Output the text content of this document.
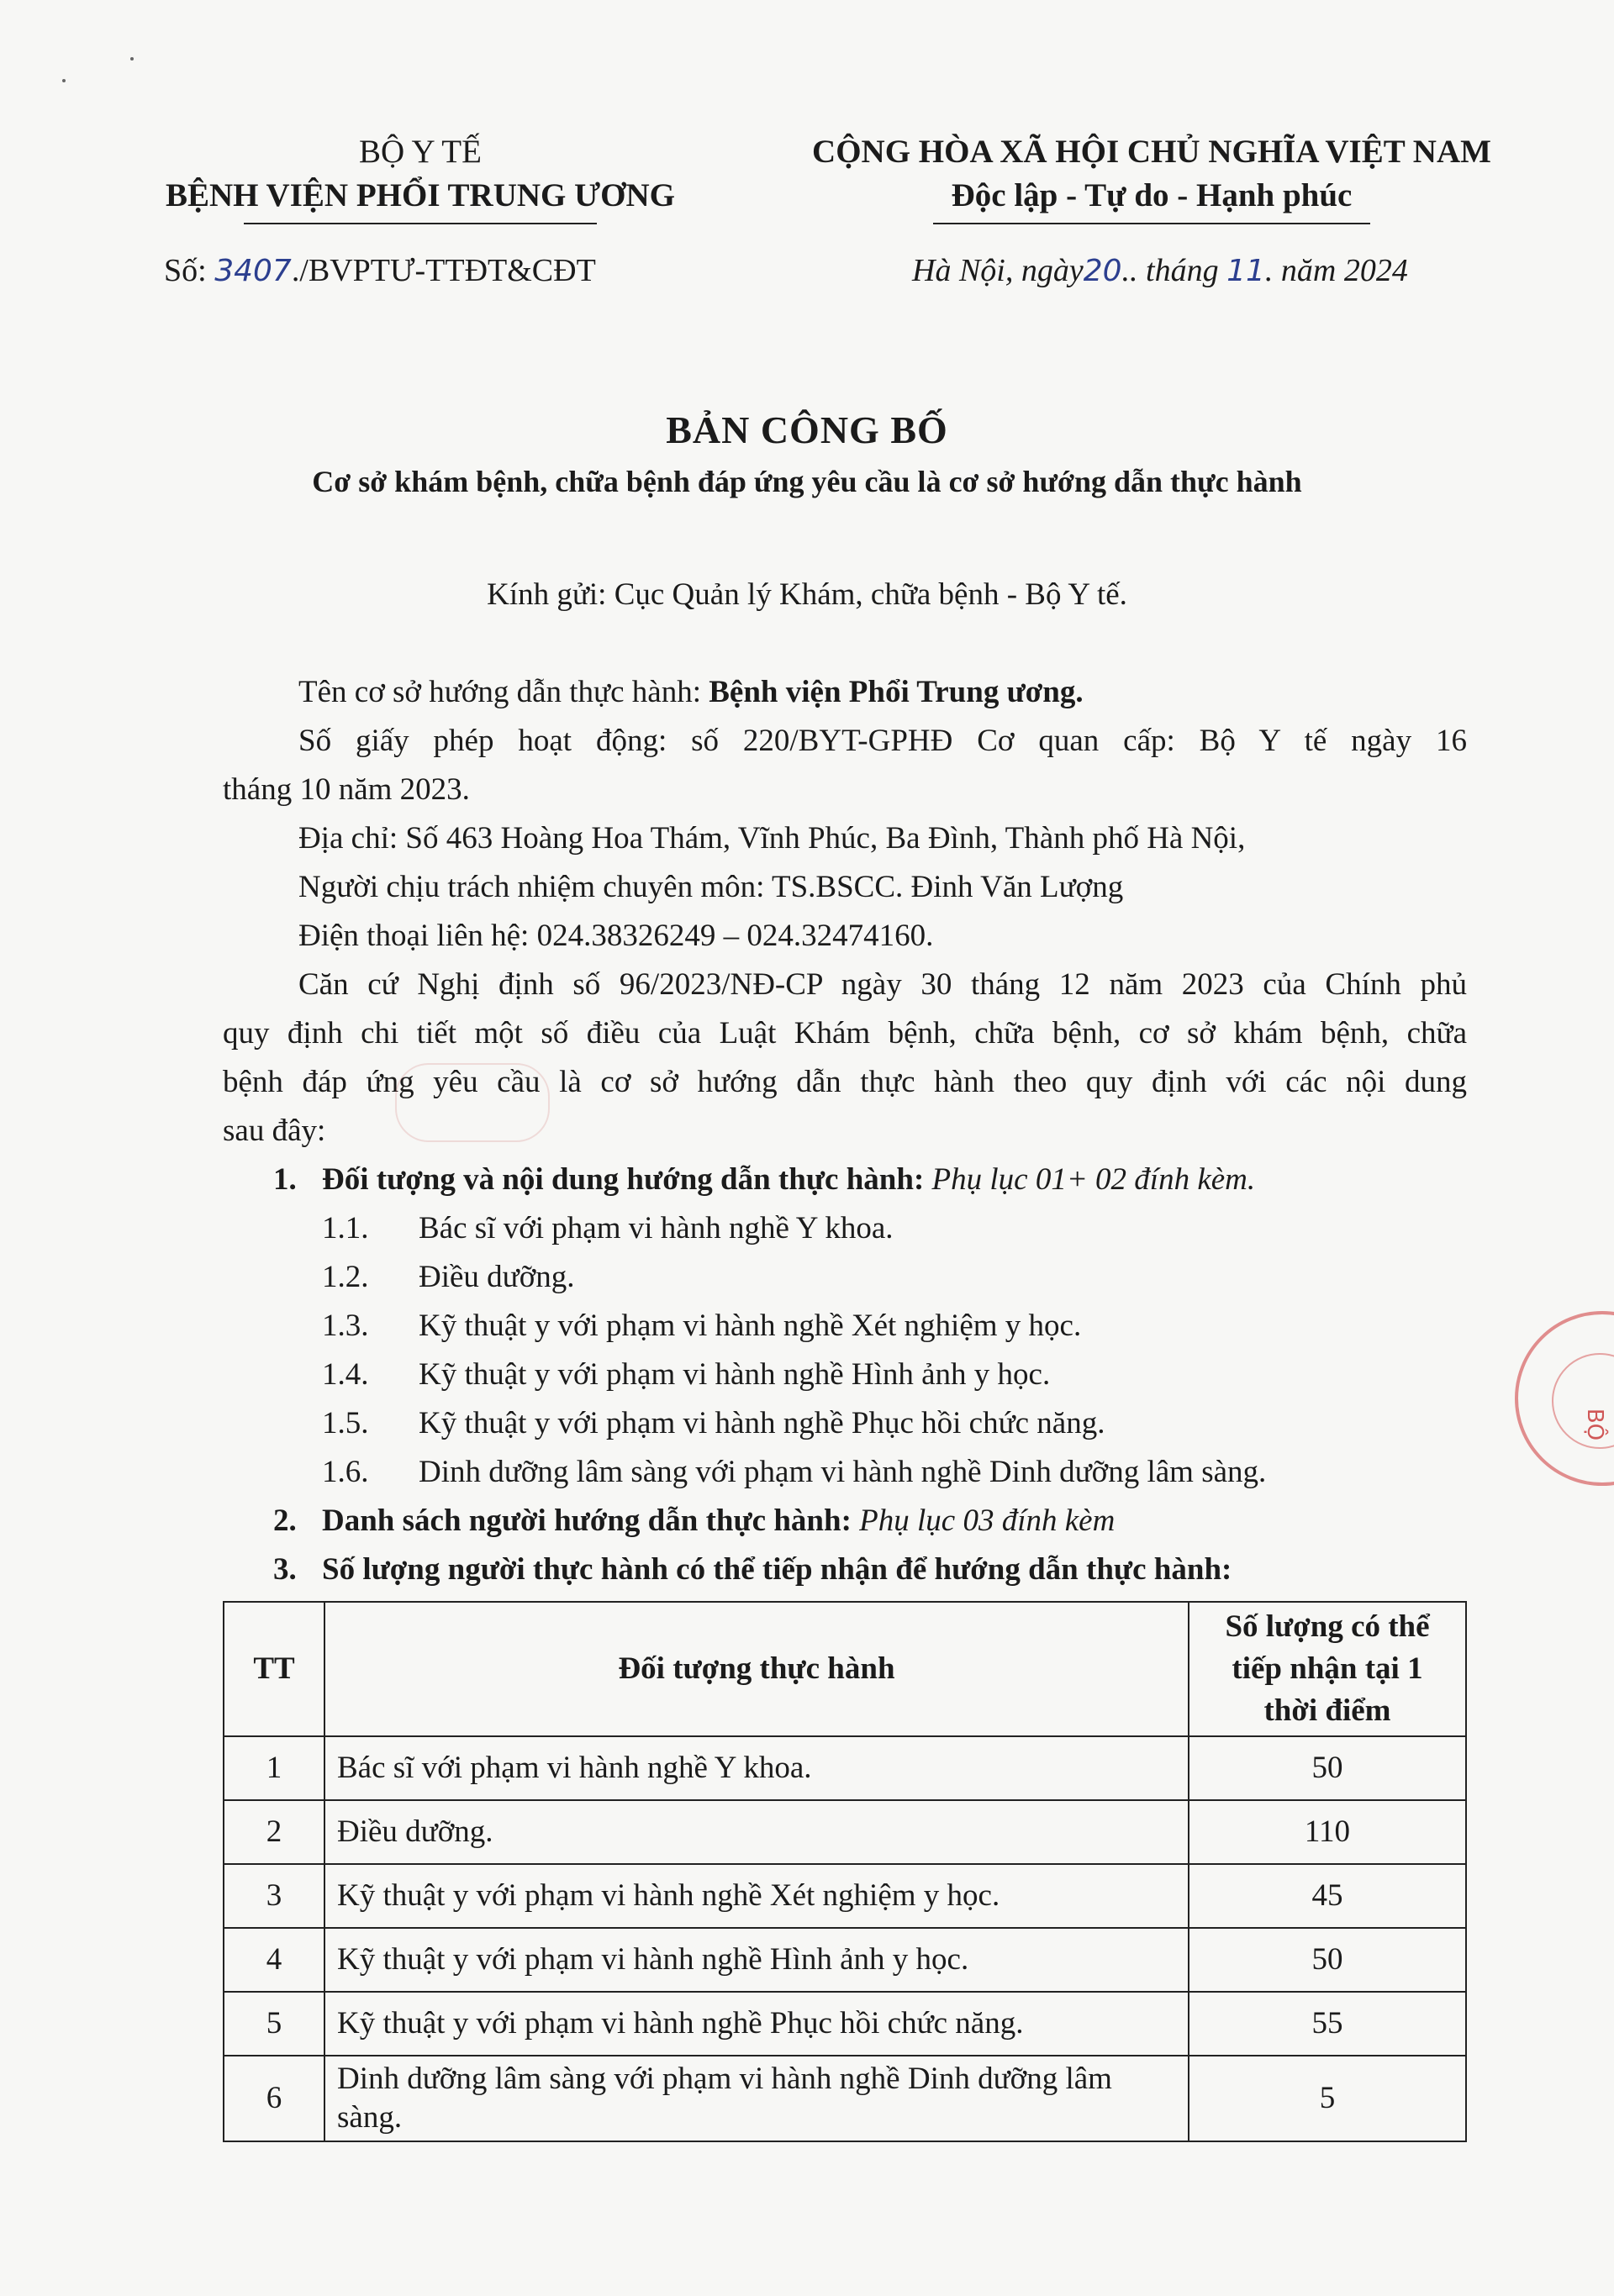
BỘ Y TẾ
BỆNH VIỆN PHỔI TRUNG ƯƠNG
CỘNG HÒA XÃ HỘI CHỦ NGHĨA VIỆT NAM
Độc lập - Tự do - Hạnh phúc
Số: 3407./BVPTƯ-TTĐT&CĐT	Hà Nội, ngày20.. tháng 11. năm 2024
BẢN CÔNG BỐ
Cơ sở khám bệnh, chữa bệnh đáp ứng yêu cầu là cơ sở hướng dẫn thực hành
Kính gửi: Cục Quản lý Khám, chữa bệnh - Bộ Y tế.
Tên cơ sở hướng dẫn thực hành: Bệnh viện Phổi Trung ương.
Số giấy phép hoạt động: số 220/BYT-GPHĐ Cơ quan cấp: Bộ Y tế ngày 16
tháng 10 năm 2023.
Địa chỉ: Số 463 Hoàng Hoa Thám, Vĩnh Phúc, Ba Đình, Thành phố Hà Nội,
Người chịu trách nhiệm chuyên môn: TS.BSCC. Đinh Văn Lượng
Điện thoại liên hệ: 024.38326249 – 024.32474160.
Căn cứ Nghị định số 96/2023/NĐ-CP ngày 30 tháng 12 năm 2023 của Chính phủ
quy định chi tiết một số điều của Luật Khám bệnh, chữa bệnh, cơ sở khám bệnh, chữa
bệnh đáp ứng yêu cầu là cơ sở hướng dẫn thực hành theo quy định với các nội dung
sau đây:
1. Đối tượng và nội dung hướng dẫn thực hành: Phụ lục 01+ 02 đính kèm.
1.1. Bác sĩ với phạm vi hành nghề Y khoa.
1.2. Điều dưỡng.
1.3. Kỹ thuật y với phạm vi hành nghề Xét nghiệm y học.
1.4. Kỹ thuật y với phạm vi hành nghề Hình ảnh y học.
1.5. Kỹ thuật y với phạm vi hành nghề Phục hồi chức năng.
1.6. Dinh dưỡng lâm sàng với phạm vi hành nghề Dinh dưỡng lâm sàng.
2. Danh sách người hướng dẫn thực hành: Phụ lục 03 đính kèm
3. Số lượng người thực hành có thể tiếp nhận để hướng dẫn thực hành:
TT	Đối tượng thực hành	Số lượng có thể
tiếp nhận tại 1
thời điểm

1	Bác sĩ với phạm vi hành nghề Y khoa.	50
2	Điều dưỡng.	110
3	Kỹ thuật y với phạm vi hành nghề Xét nghiệm y học.	45
4	Kỹ thuật y với phạm vi hành nghề Hình ảnh y học.	50
5	Kỹ thuật y với phạm vi hành nghề Phục hồi chức năng.	55
6	Dinh dưỡng lâm sàng với phạm vi hành nghề Dinh dưỡng lâm sàng.	5
BỘ
